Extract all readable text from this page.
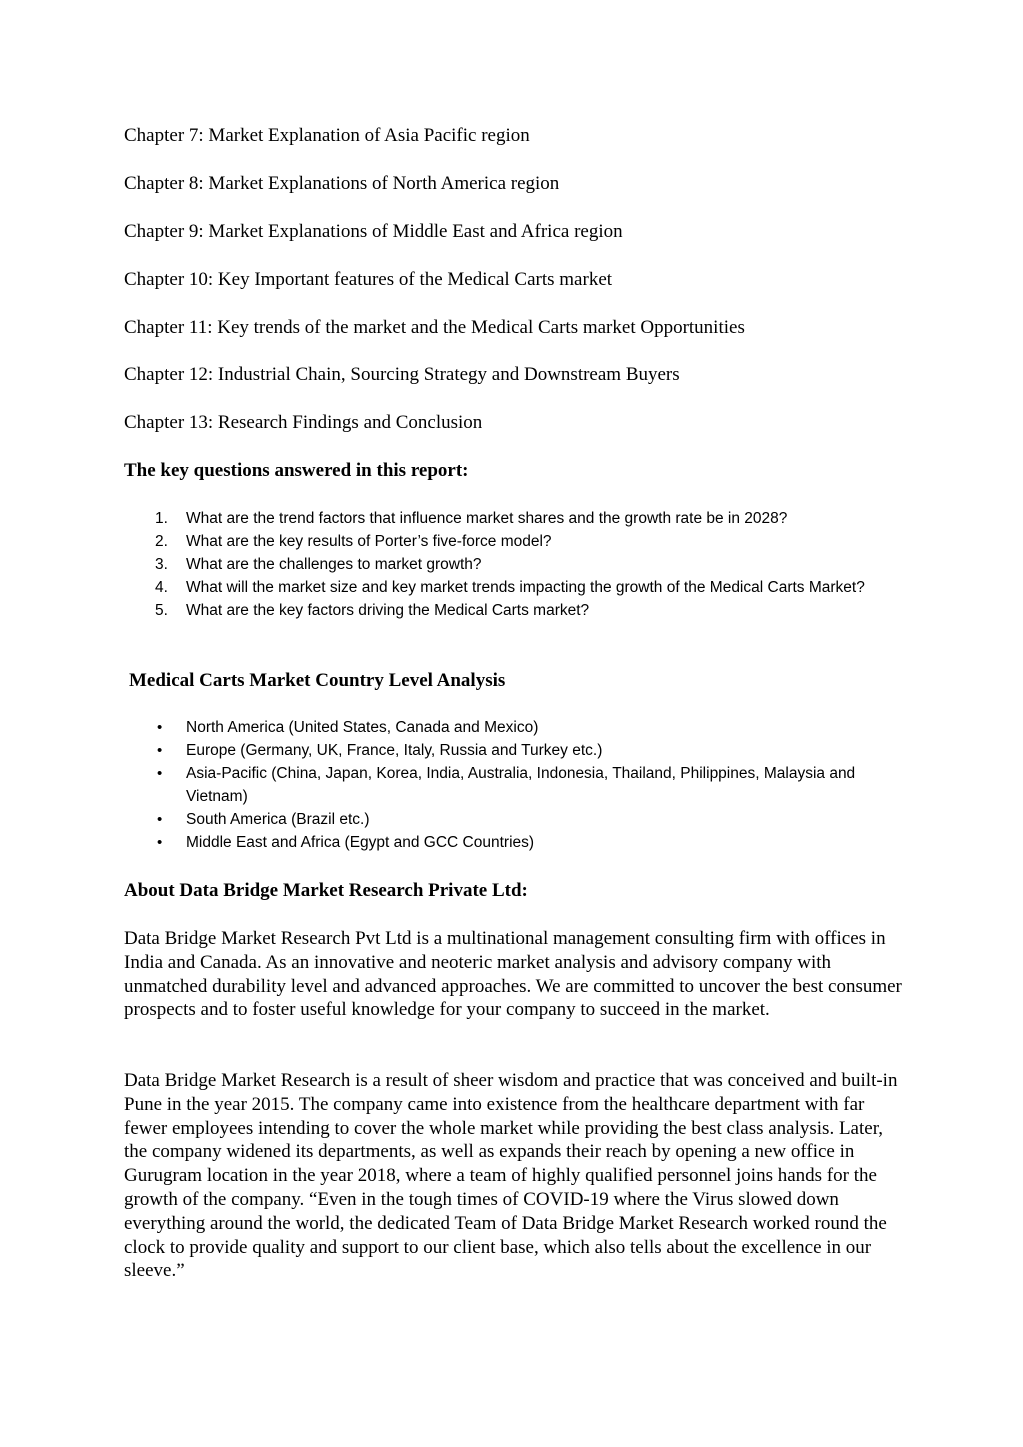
Chapter 7: Market Explanation of Asia Pacific region

Chapter 8: Market Explanations of North America region

Chapter 9: Market Explanations of Middle East and Africa region

Chapter 10: Key Important features of the Medical Carts market

Chapter 11: Key trends of the market and the Medical Carts market Opportunities

Chapter 12: Industrial Chain, Sourcing Strategy and Downstream Buyers

Chapter 13: Research Findings and Conclusion

The key questions answered in this report:

1. What are the trend factors that influence market shares and the growth rate be in 2028?
2. What are the key results of Porter’s five-force model?
3. What are the challenges to market growth?
4. What will the market size and key market trends impacting the growth of the Medical Carts Market?
5. What are the key factors driving the Medical Carts market?

Medical Carts Market Country Level Analysis

• North America (United States, Canada and Mexico)
• Europe (Germany, UK, France, Italy, Russia and Turkey etc.)
• Asia-Pacific (China, Japan, Korea, India, Australia, Indonesia, Thailand, Philippines, Malaysia and Vietnam)
• South America (Brazil etc.)
• Middle East and Africa (Egypt and GCC Countries)

About Data Bridge Market Research Private Ltd:

Data Bridge Market Research Pvt Ltd is a multinational management consulting firm with offices in India and Canada. As an innovative and neoteric market analysis and advisory company with unmatched durability level and advanced approaches. We are committed to uncover the best consumer prospects and to foster useful knowledge for your company to succeed in the market.

Data Bridge Market Research is a result of sheer wisdom and practice that was conceived and built-in Pune in the year 2015. The company came into existence from the healthcare department with far fewer employees intending to cover the whole market while providing the best class analysis. Later, the company widened its departments, as well as expands their reach by opening a new office in Gurugram location in the year 2018, where a team of highly qualified personnel joins hands for the growth of the company. “Even in the tough times of COVID-19 where the Virus slowed down everything around the world, the dedicated Team of Data Bridge Market Research worked round the clock to provide quality and support to our client base, which also tells about the excellence in our sleeve.”
